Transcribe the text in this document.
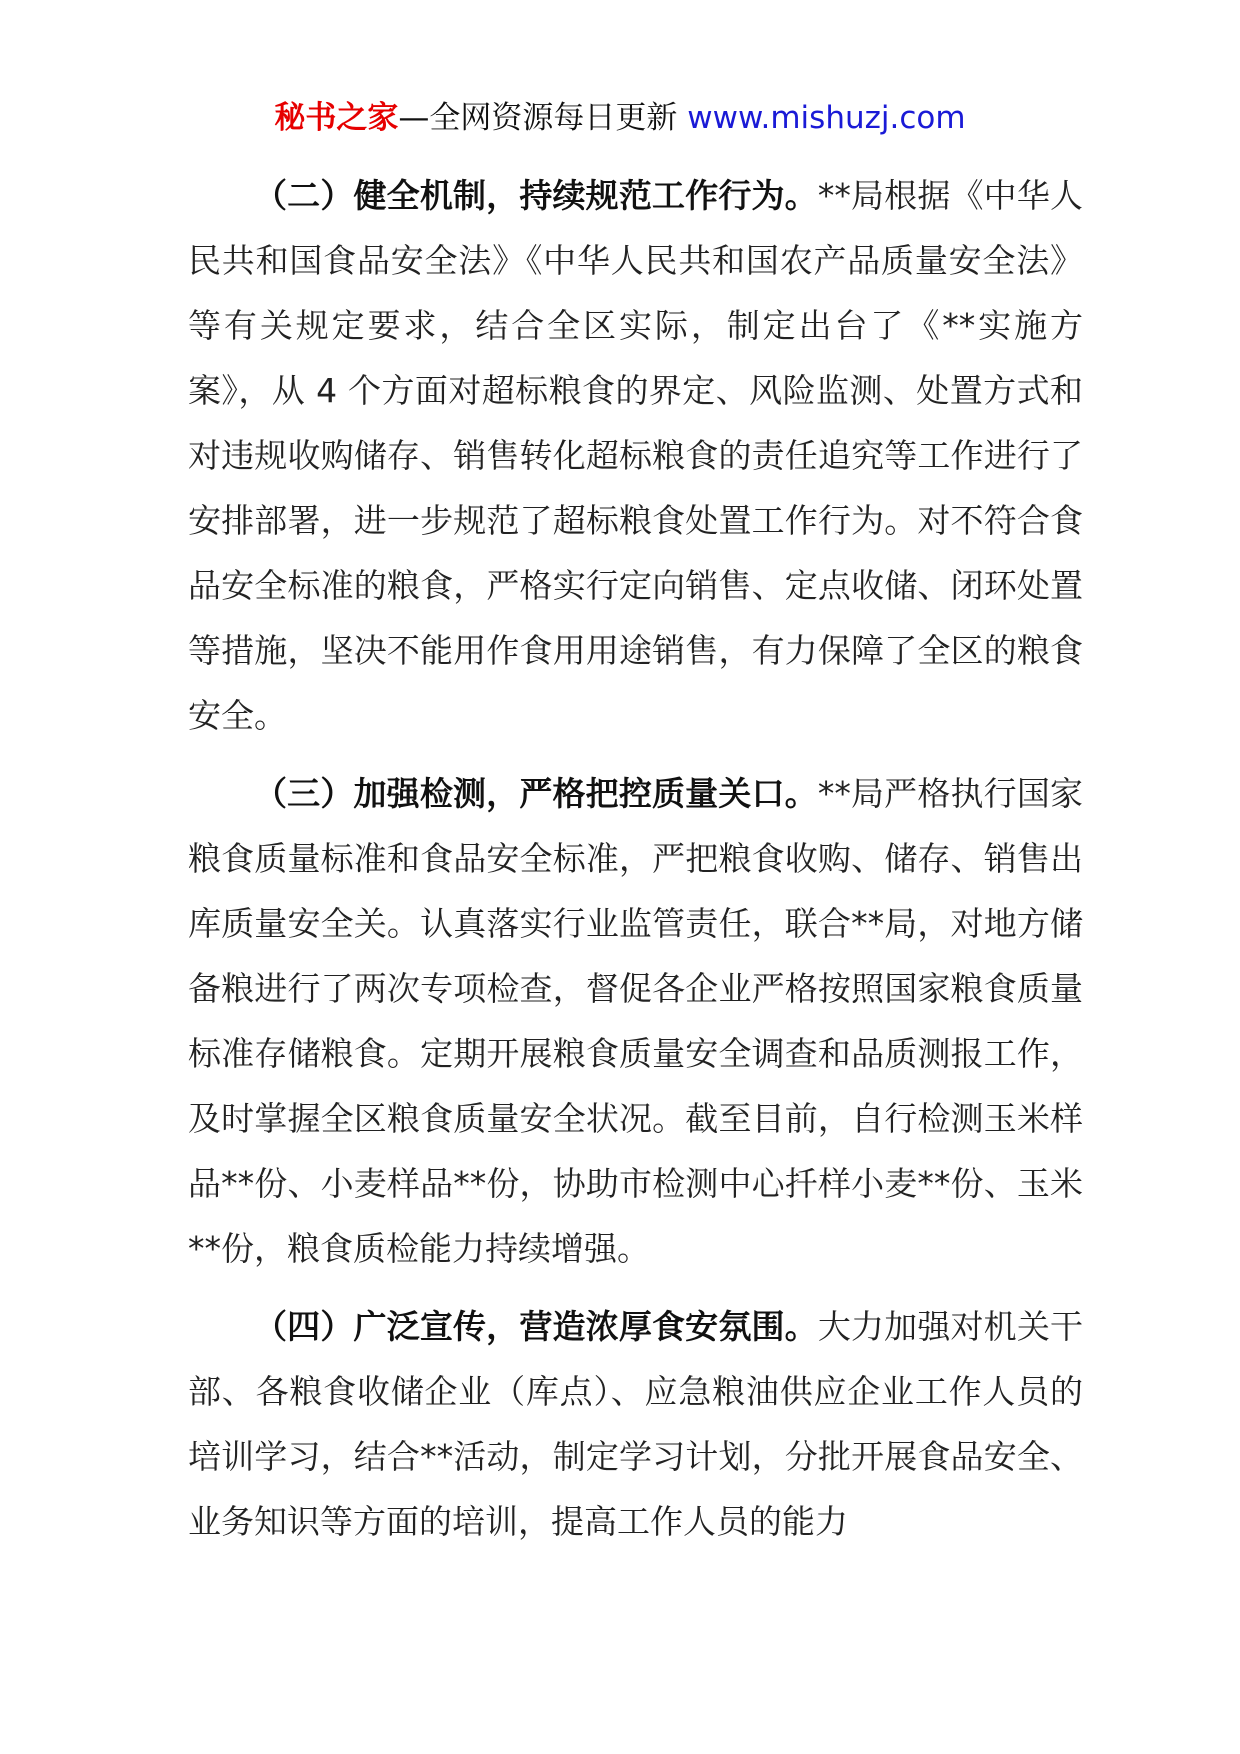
秘书之家—全网资源每日更新 www.mishuzj.com

（二）健全机制，持续规范工作行为。**局根据《中华人民共和国食品安全法》《中华人民共和国农产品质量安全法》等有关规定要求，结合全区实际，制定出台了《**实施方案》，从 4 个方面对超标粮食的界定、风险监测、处置方式和对违规收购储存、销售转化超标粮食的责任追究等工作进行了安排部署，进一步规范了超标粮食处置工作行为。对不符合食品安全标准的粮食，严格实行定向销售、定点收储、闭环处置等措施，坚决不能用作食用用途销售，有力保障了全区的粮食安全。

（三）加强检测，严格把控质量关口。**局严格执行国家粮食质量标准和食品安全标准，严把粮食收购、储存、销售出库质量安全关。认真落实行业监管责任，联合**局，对地方储备粮进行了两次专项检查，督促各企业严格按照国家粮食质量标准存储粮食。定期开展粮食质量安全调查和品质测报工作，及时掌握全区粮食质量安全状况。截至目前，自行检测玉米样品**份、小麦样品**份，协助市检测中心扦样小麦**份、玉米**份，粮食质检能力持续增强。

（四）广泛宣传，营造浓厚食安氛围。大力加强对机关干部、各粮食收储企业（库点）、应急粮油供应企业工作人员的培训学习，结合**活动，制定学习计划，分批开展食品安全、业务知识等方面的培训，提高工作人员的能力
